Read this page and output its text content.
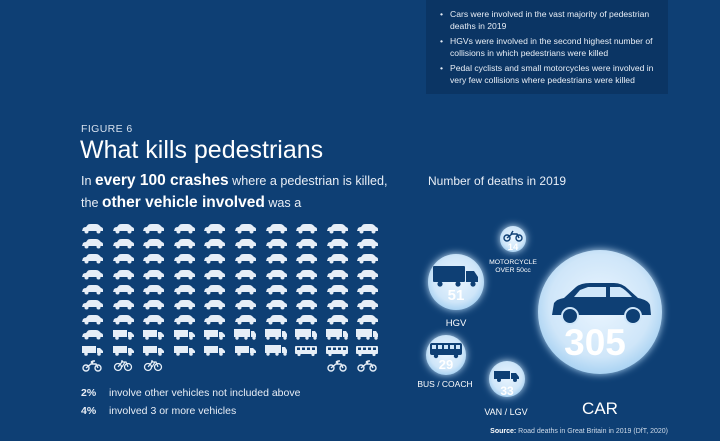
• Cars were involved in the vast majority of pedestrian deaths in 2019
• HGVs were involved in the second highest number of collisions in which pedestrians were killed
• Pedal cyclists and small motorcycles were involved in very few collisions where pedestrians were killed
FIGURE 6
What kills pedestrians
In every 100 crashes where a pedestrian is killed,
the other vehicle involved was a
2% involve other vehicles not included above
4% involved 3 or more vehicles
Number of deaths in 2019
305
CAR
51
HGV
14
MOTORCYCLE
OVER 50cc
29
BUS / COACH 33
VAN / LGV
Source: Road deaths in Great Britain in 2019 (DfT, 2020)
